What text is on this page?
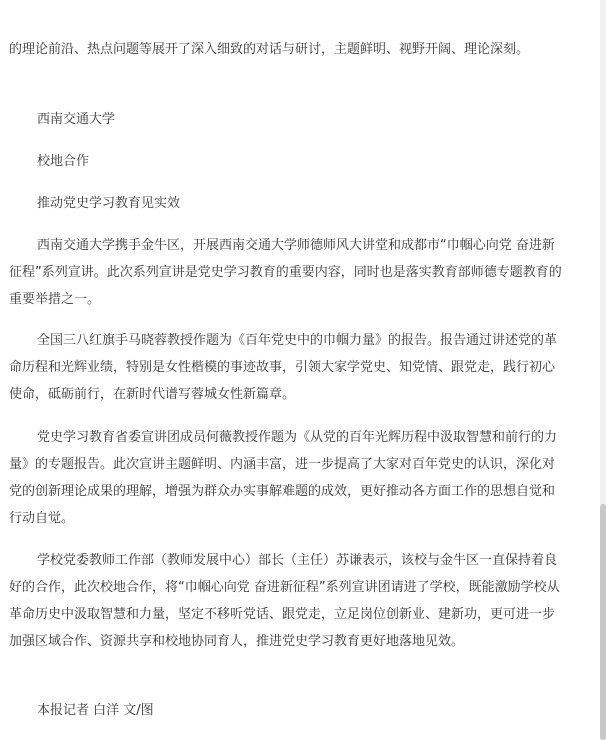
的理论前沿、热点问题等展开了深入细致的对话与研讨，主题鲜明、视野开阔、理论深刻。

西南交通大学

校地合作

推动党史学习教育见实效

西南交通大学携手金牛区，开展西南交通大学师德师风大讲堂和成都市“巾帼心向党 奋进新征程”系列宣讲。此次系列宣讲是党史学习教育的重要内容，同时也是落实教育部师德专题教育的重要举措之一。

全国三八红旗手马晓蓉教授作题为《百年党史中的巾帼力量》的报告。报告通过讲述党的革命历程和光辉业绩，特别是女性楷模的事迹故事，引领大家学党史、知党情、跟党走，践行初心使命，砥砺前行，在新时代谱写蓉城女性新篇章。

党史学习教育省委宣讲团成员何薇教授作题为《从党的百年光辉历程中汲取智慧和前行的力量》的专题报告。此次宣讲主题鲜明、内涵丰富，进一步提高了大家对百年党史的认识，深化对党的创新理论成果的理解，增强为群众办实事解难题的成效，更好推动各方面工作的思想自觉和行动自觉。

学校党委教师工作部（教师发展中心）部长（主任）苏谦表示，该校与金牛区一直保持着良好的合作，此次校地合作，将“巾帼心向党 奋进新征程”系列宣讲团请进了学校，既能激励学校从革命历史中汲取智慧和力量，坚定不移听党话、跟党走，立足岗位创新业、建新功，更可进一步加强区域合作、资源共享和校地协同育人，推进党史学习教育更好地落地见效。

本报记者 白洋 文/图
